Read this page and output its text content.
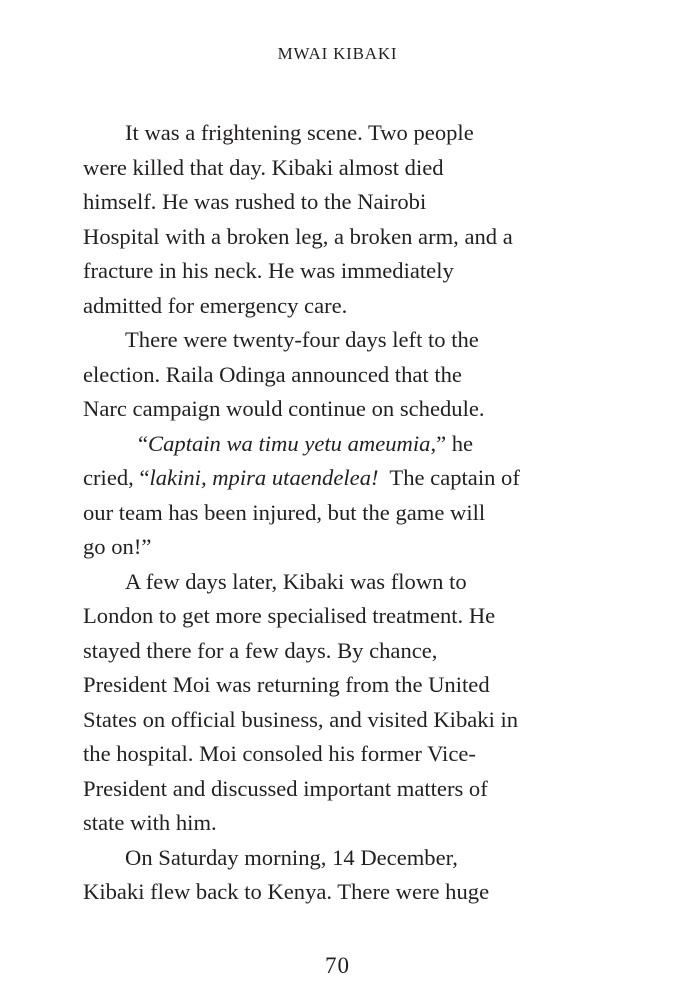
MWAI KIBAKI
It was a frightening scene. Two people
were killed that day. Kibaki almost died
himself. He was rushed to the Nairobi
Hospital with a broken leg, a broken arm, and a
fracture in his neck. He was immediately
admitted for emergency care.
There were twenty-four days left to the
election. Raila Odinga announced that the
Narc campaign would continue on schedule.
“Captain wa timu yetu ameumia,” he
cried, “lakini, mpira utaendelea!  The captain of
our team has been injured, but the game will
go on!”
A few days later, Kibaki was flown to
London to get more specialised treatment. He
stayed there for a few days. By chance,
President Moi was returning from the United
States on official business, and visited Kibaki in
the hospital. Moi consoled his former Vice-
President and discussed important matters of
state with him.
On Saturday morning, 14 December,
Kibaki flew back to Kenya. There were huge
70
